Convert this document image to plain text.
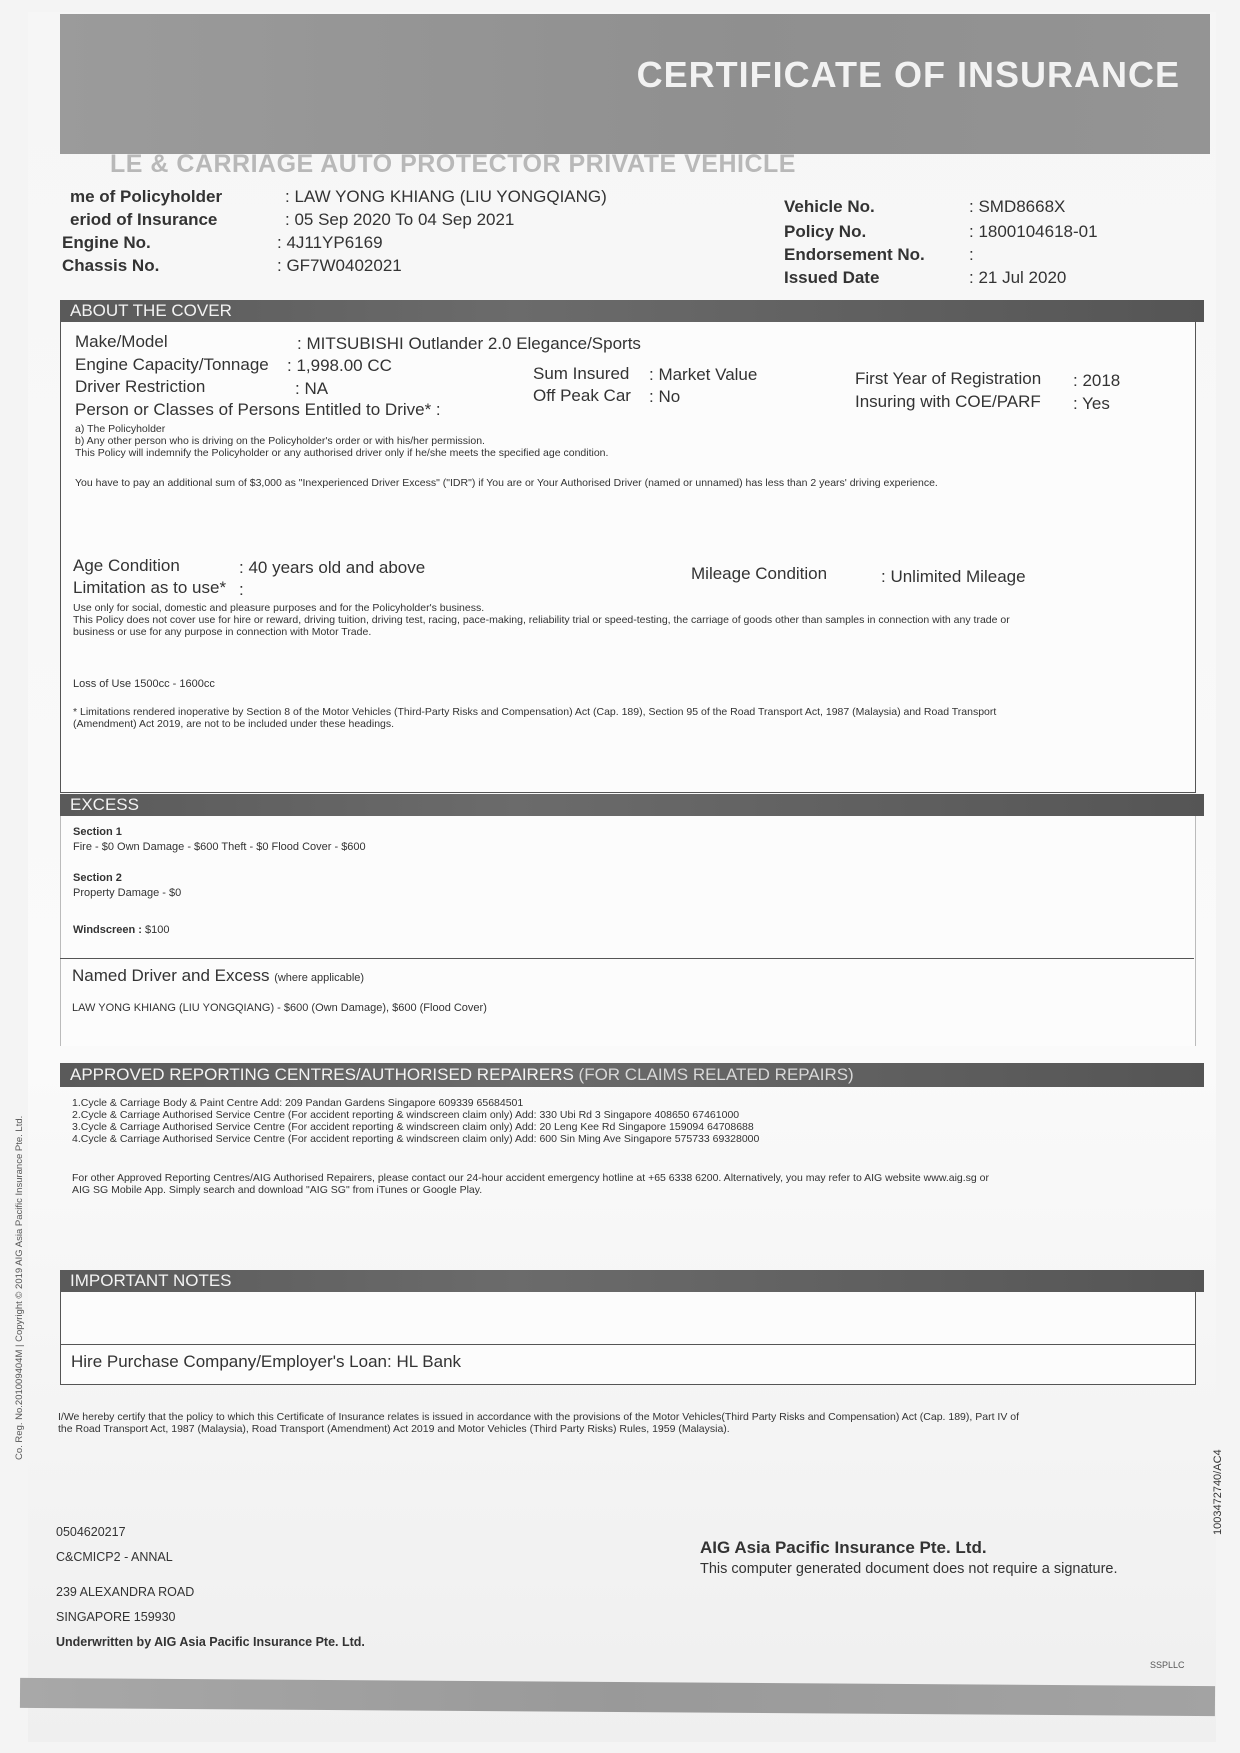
CERTIFICATE OF INSURANCE
LE & CARRIAGE AUTO PROTECTOR PRIVATE VEHICLE
me of Policyholder	: LAW YONG KHIANG (LIU YONGQIANG)
eriod of Insurance	: 05 Sep 2020 To 04 Sep 2021
Engine No.	: 4J11YP6169
Chassis No.	: GF7W0402021
Vehicle No.	: SMD8668X
Policy No.	: 1800104618-01
Endorsement No.	:
Issued Date	: 21 Jul 2020
ABOUT THE COVER
Make/Model	: MITSUBISHI Outlander 2.0 Elegance/Sports
Engine Capacity/Tonnage : 1,998.00 CC
Driver Restriction	: NA
Sum Insured : Market Value
Off Peak Car : No
First Year of Registration : 2018
Insuring with COE/PARF : Yes
Person or Classes of Persons Entitled to Drive* :
a) The Policyholder
b) Any other person who is driving on the Policyholder's order or with his/her permission.
This Policy will indemnify the Policyholder or any authorised driver only if he/she meets the specified age condition.
You have to pay an additional sum of $3,000 as "Inexperienced Driver Excess" ("IDR") if You are or Your Authorised Driver (named or unnamed) has less than 2 years' driving experience.
Age Condition	: 40 years old and above
Limitation as to use* :
Mileage Condition	: Unlimited Mileage
Use only for social, domestic and pleasure purposes and for the Policyholder's business.
This Policy does not cover use for hire or reward, driving tuition, driving test, racing, pace-making, reliability trial or speed-testing, the carriage of goods other than samples in connection with any trade or
business or use for any purpose in connection with Motor Trade.
Loss of Use 1500cc - 1600cc
* Limitations rendered inoperative by Section 8 of the Motor Vehicles (Third-Party Risks and Compensation) Act (Cap. 189), Section 95 of the Road Transport Act, 1987 (Malaysia) and Road Transport
(Amendment) Act 2019, are not to be included under these headings.
EXCESS
Section 1
Fire - $0 Own Damage - $600 Theft - $0 Flood Cover - $600
Section 2
Property Damage - $0
Windscreen : $100
Named Driver and Excess (where applicable)
LAW YONG KHIANG (LIU YONGQIANG) - $600 (Own Damage), $600 (Flood Cover)
APPROVED REPORTING CENTRES/AUTHORISED REPAIRERS (FOR CLAIMS RELATED REPAIRS)
1.Cycle & Carriage Body & Paint Centre Add: 209 Pandan Gardens Singapore 609339 65684501
2.Cycle & Carriage Authorised Service Centre (For accident reporting & windscreen claim only) Add: 330 Ubi Rd 3 Singapore 408650 67461000
3.Cycle & Carriage Authorised Service Centre (For accident reporting & windscreen claim only) Add: 20 Leng Kee Rd Singapore 159094 64708688
4.Cycle & Carriage Authorised Service Centre (For accident reporting & windscreen claim only) Add: 600 Sin Ming Ave Singapore 575733 69328000
For other Approved Reporting Centres/AIG Authorised Repairers, please contact our 24-hour accident emergency hotline at +65 6338 6200. Alternatively, you may refer to AIG website www.aig.sg or
AIG SG Mobile App. Simply search and download "AIG SG" from iTunes or Google Play.
IMPORTANT NOTES
Hire Purchase Company/Employer's Loan: HL Bank
I/We hereby certify that the policy to which this Certificate of Insurance relates is issued in accordance with the provisions of the Motor Vehicles(Third Party Risks and Compensation) Act (Cap. 189), Part IV of
the Road Transport Act, 1987 (Malaysia), Road Transport (Amendment) Act 2019 and Motor Vehicles (Third Party Risks) Rules, 1959 (Malaysia).
0504620217
C&CMICP2 - ANNAL
239 ALEXANDRA ROAD
SINGAPORE 159930
Underwritten by AIG Asia Pacific Insurance Pte. Ltd.
AIG Asia Pacific Insurance Pte. Ltd.
This computer generated document does not require a signature.
SSPLLC
Co. Reg. No.201009404M | Copyright © 2019 AIG Asia Pacific Insurance Pte. Ltd.
1003472740/AC4
